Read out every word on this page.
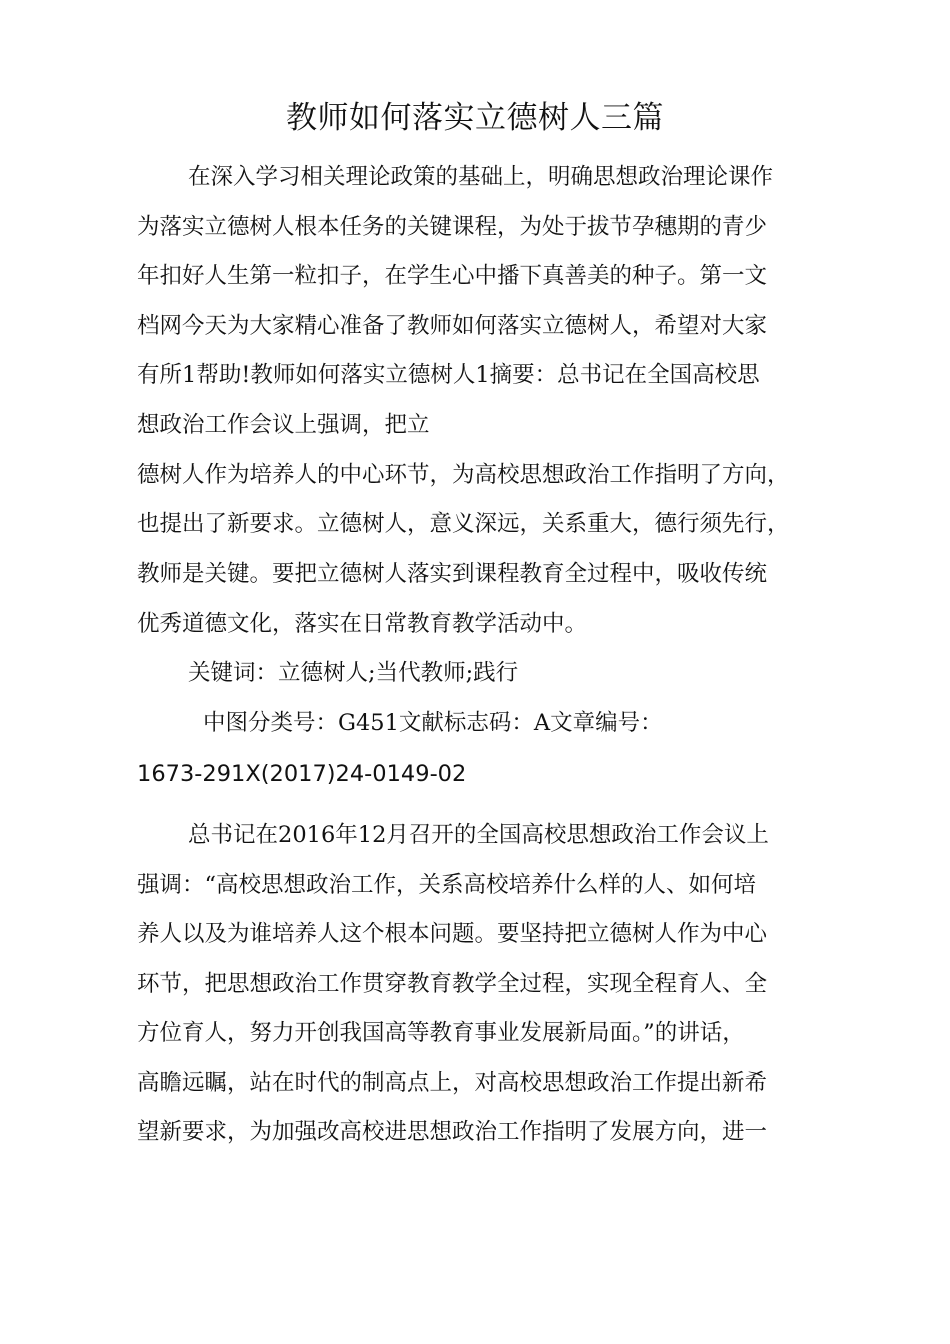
教师如何落实立德树人三篇
在深入学习相关理论政策的基础上，明确思想政治理论课作
为落实立德树人根本任务的关键课程，为处于拔节孕穗期的青少
年扣好人生第一粒扣子，在学生心中播下真善美的种子。第一文
档网今天为大家精心准备了教师如何落实立德树人，希望对大家
有所1帮助!教师如何落实立德树人1摘要：总书记在全国高校思
想政治工作会议上强调，把立
德树人作为培养人的中心环节，为高校思想政治工作指明了方向，
也提出了新要求。立德树人，意义深远，关系重大，德行须先行，
教师是关键。要把立德树人落实到课程教育全过程中，吸收传统
优秀道德文化，落实在日常教育教学活动中。
关键词：立德树人;当代教师;践行
中图分类号：G451文献标志码：A文章编号：
1673-291X(2017)24-0149-02
总书记在2016年12月召开的全国高校思想政治工作会议上
强调：“高校思想政治工作，关系高校培养什么样的人、如何培
养人以及为谁培养人这个根本问题。要坚持把立德树人作为中心
环节，把思想政治工作贯穿教育教学全过程，实现全程育人、全
方位育人，努力开创我国高等教育事业发展新局面。”的讲话，
高瞻远瞩，站在时代的制高点上，对高校思想政治工作提出新希
望新要求，为加强改高校进思想政治工作指明了发展方向，进一
